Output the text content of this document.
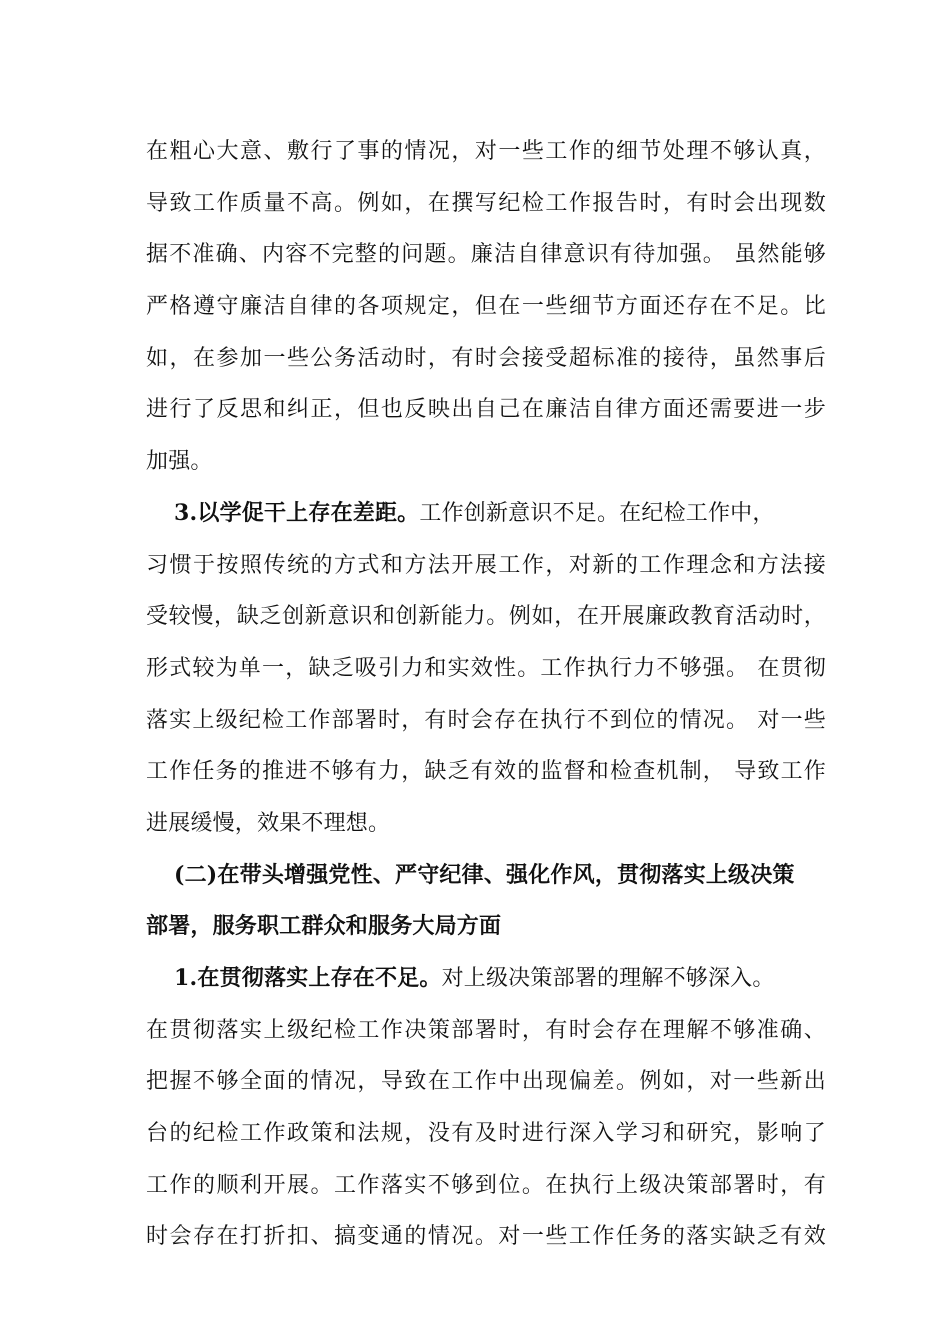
在粗心大意、敷行了事的情况，对一些工作的细节处理不够认真，
导致工作质量不高。例如，在撰写纪检工作报告时，有时会出现数
据不准确、内容不完整的问题。廉洁自律意识有待加强。 虽然能够
严格遵守廉洁自律的各项规定，但在一些细节方面还存在不足。比
如，在参加一些公务活动时，有时会接受超标准的接待，虽然事后
进行了反思和纠正，但也反映出自己在廉洁自律方面还需要进一步
加强。
3.以学促干上存在差距。工作创新意识不足。在纪检工作中，
习惯于按照传统的方式和方法开展工作，对新的工作理念和方法接
受较慢，缺乏创新意识和创新能力。例如，在开展廉政教育活动时，
形式较为单一，缺乏吸引力和实效性。工作执行力不够强。 在贯彻
落实上级纪检工作部署时，有时会存在执行不到位的情况。 对一些
工作任务的推进不够有力，缺乏有效的监督和检查机制， 导致工作
进展缓慢，效果不理想。
(二)在带头增强党性、严守纪律、强化作风，贯彻落实上级决策
部署，服务职工群众和服务大局方面
1.在贯彻落实上存在不足。对上级决策部署的理解不够深入。
在贯彻落实上级纪检工作决策部署时，有时会存在理解不够准确、
把握不够全面的情况，导致在工作中出现偏差。例如，对一些新出
台的纪检工作政策和法规，没有及时进行深入学习和研究，影响了
工作的顺利开展。工作落实不够到位。在执行上级决策部署时，有
时会存在打折扣、搞变通的情况。对一些工作任务的落实缺乏有效
